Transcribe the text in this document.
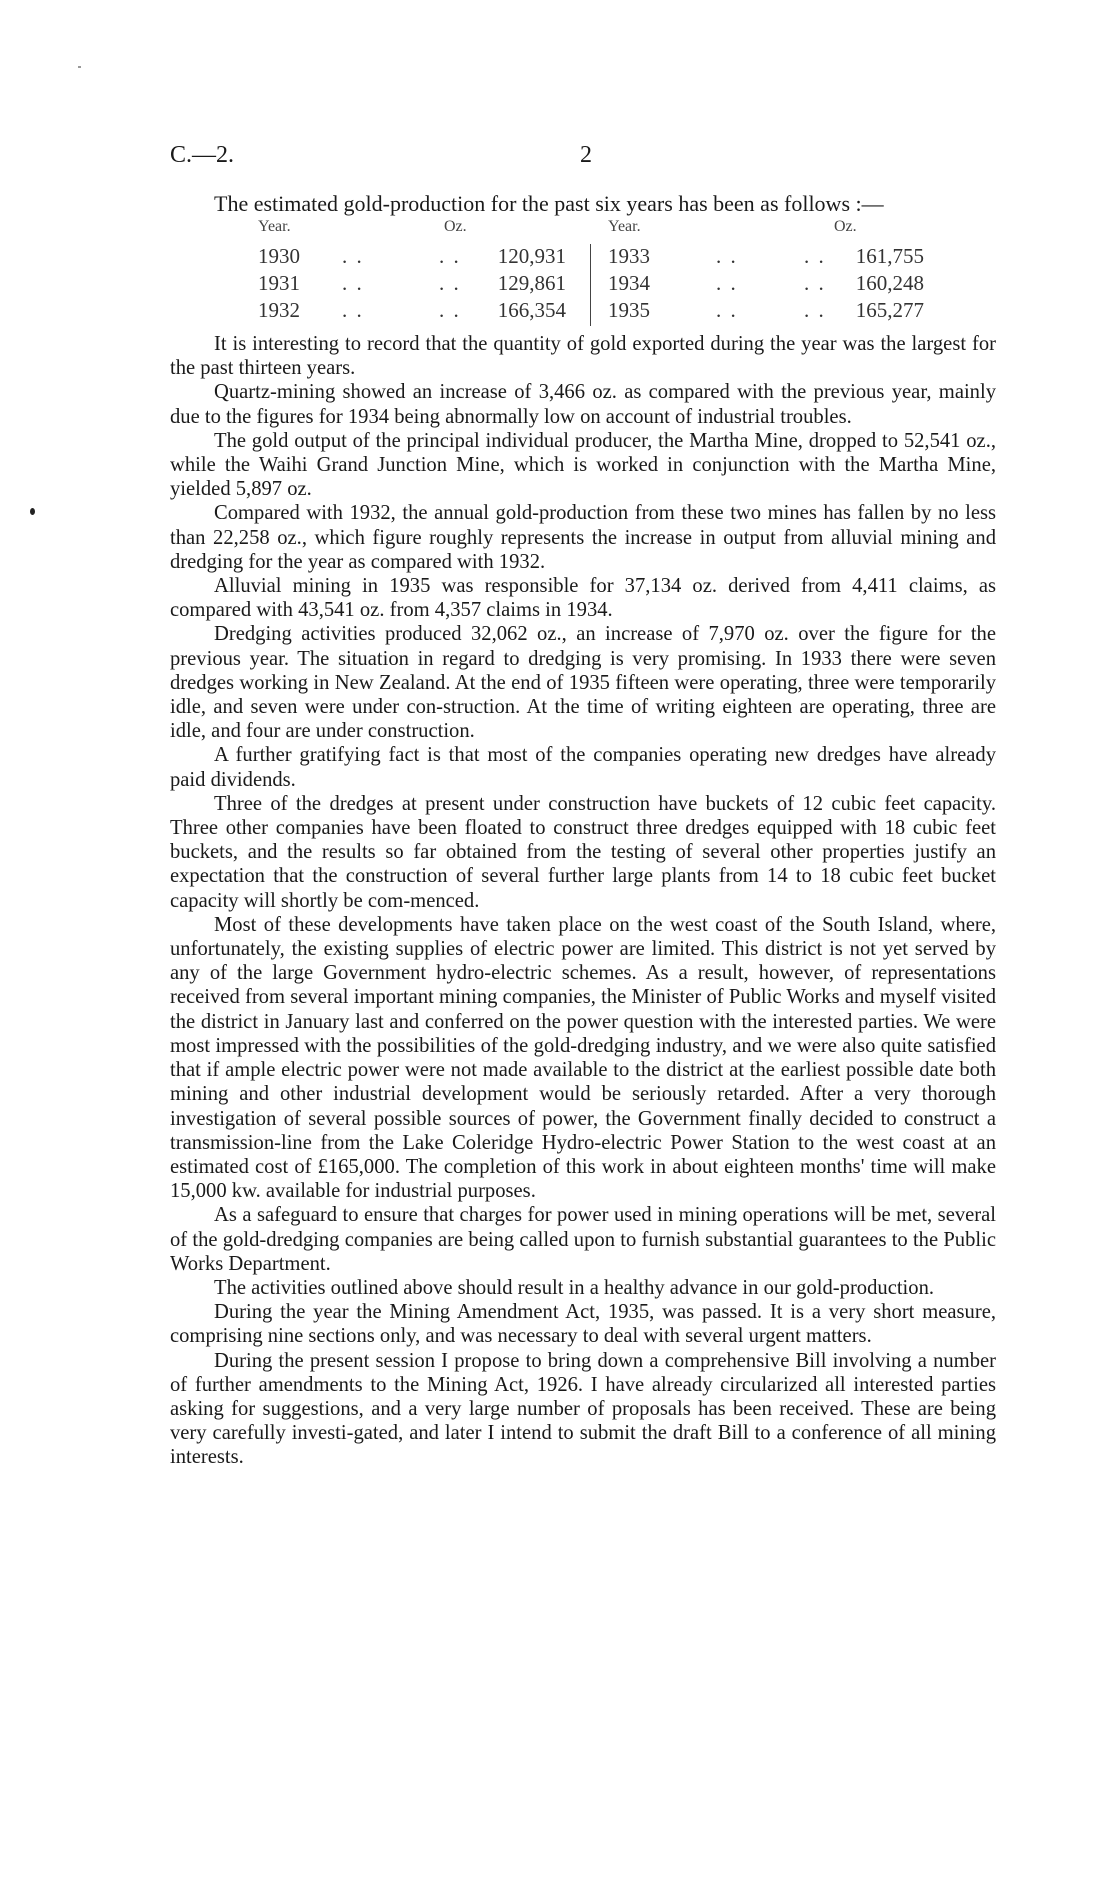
C.—2.	2
The estimated gold-production for the past six years has been as follows :—
Year.	Oz.
1930 . .	. . 120,931
1931 . .	. . 129,861
1932 . .	. . 166,354
Year.	Oz.
1933	. .	. . 161,755
1934	. .	. . 160,248
1935	. .	. . 165,277

It is interesting to record that the quantity of gold exported during the year was the largest for the past thirteen years.

Quartz-mining showed an increase of 3,466 oz. as compared with the previous year, mainly due to the figures for 1934 being abnormally low on account of industrial troubles.

The gold output of the principal individual producer, the Martha Mine, dropped to 52,541 oz., while the Waihi Grand Junction Mine, which is worked in conjunction with the Martha Mine, yielded 5,897 oz.

Compared with 1932, the annual gold-production from these two mines has fallen by no less than 22,258 oz., which figure roughly represents the increase in output from alluvial mining and dredging for the year as compared with 1932.

Alluvial mining in 1935 was responsible for 37,134 oz. derived from 4,411 claims, as compared with 43,541 oz. from 4,357 claims in 1934.

Dredging activities produced 32,062 oz., an increase of 7,970 oz. over the figure for the previous year. The situation in regard to dredging is very promising. In 1933 there were seven dredges working in New Zealand. At the end of 1935 fifteen were operating, three were temporarily idle, and seven were under con-struction. At the time of writing eighteen are operating, three are idle, and four are under construction.

A further gratifying fact is that most of the companies operating new dredges have already paid dividends.

Three of the dredges at present under construction have buckets of 12 cubic feet capacity. Three other companies have been floated to construct three dredges equipped with 18 cubic feet buckets, and the results so far obtained from the testing of several other properties justify an expectation that the construction of several further large plants from 14 to 18 cubic feet bucket capacity will shortly be com-menced.

Most of these developments have taken place on the west coast of the South Island, where, unfortunately, the existing supplies of electric power are limited. This district is not yet served by any of the large Government hydro-electric schemes. As a result, however, of representations received from several important mining companies, the Minister of Public Works and myself visited the district in January last and conferred on the power question with the interested parties. We were most impressed with the possibilities of the gold-dredging industry, and we were also quite satisfied that if ample electric power were not made available to the district at the earliest possible date both mining and other industrial development would be seriously retarded. After a very thorough investigation of several possible sources of power, the Government finally decided to construct a transmission-line from the Lake Coleridge Hydro-electric Power Station to the west coast at an estimated cost of £165,000. The completion of this work in about eighteen months' time will make 15,000 kw. available for industrial purposes.

As a safeguard to ensure that charges for power used in mining operations will be met, several of the gold-dredging companies are being called upon to furnish substantial guarantees to the Public Works Department.

The activities outlined above should result in a healthy advance in our gold-production.

During the year the Mining Amendment Act, 1935, was passed. It is a very short measure, comprising nine sections only, and was necessary to deal with several urgent matters.

During the present session I propose to bring down a comprehensive Bill involving a number of further amendments to the Mining Act, 1926. I have already circularized all interested parties asking for suggestions, and a very large number of proposals has been received. These are being very carefully investi-gated, and later I intend to submit the draft Bill to a conference of all mining interests.
